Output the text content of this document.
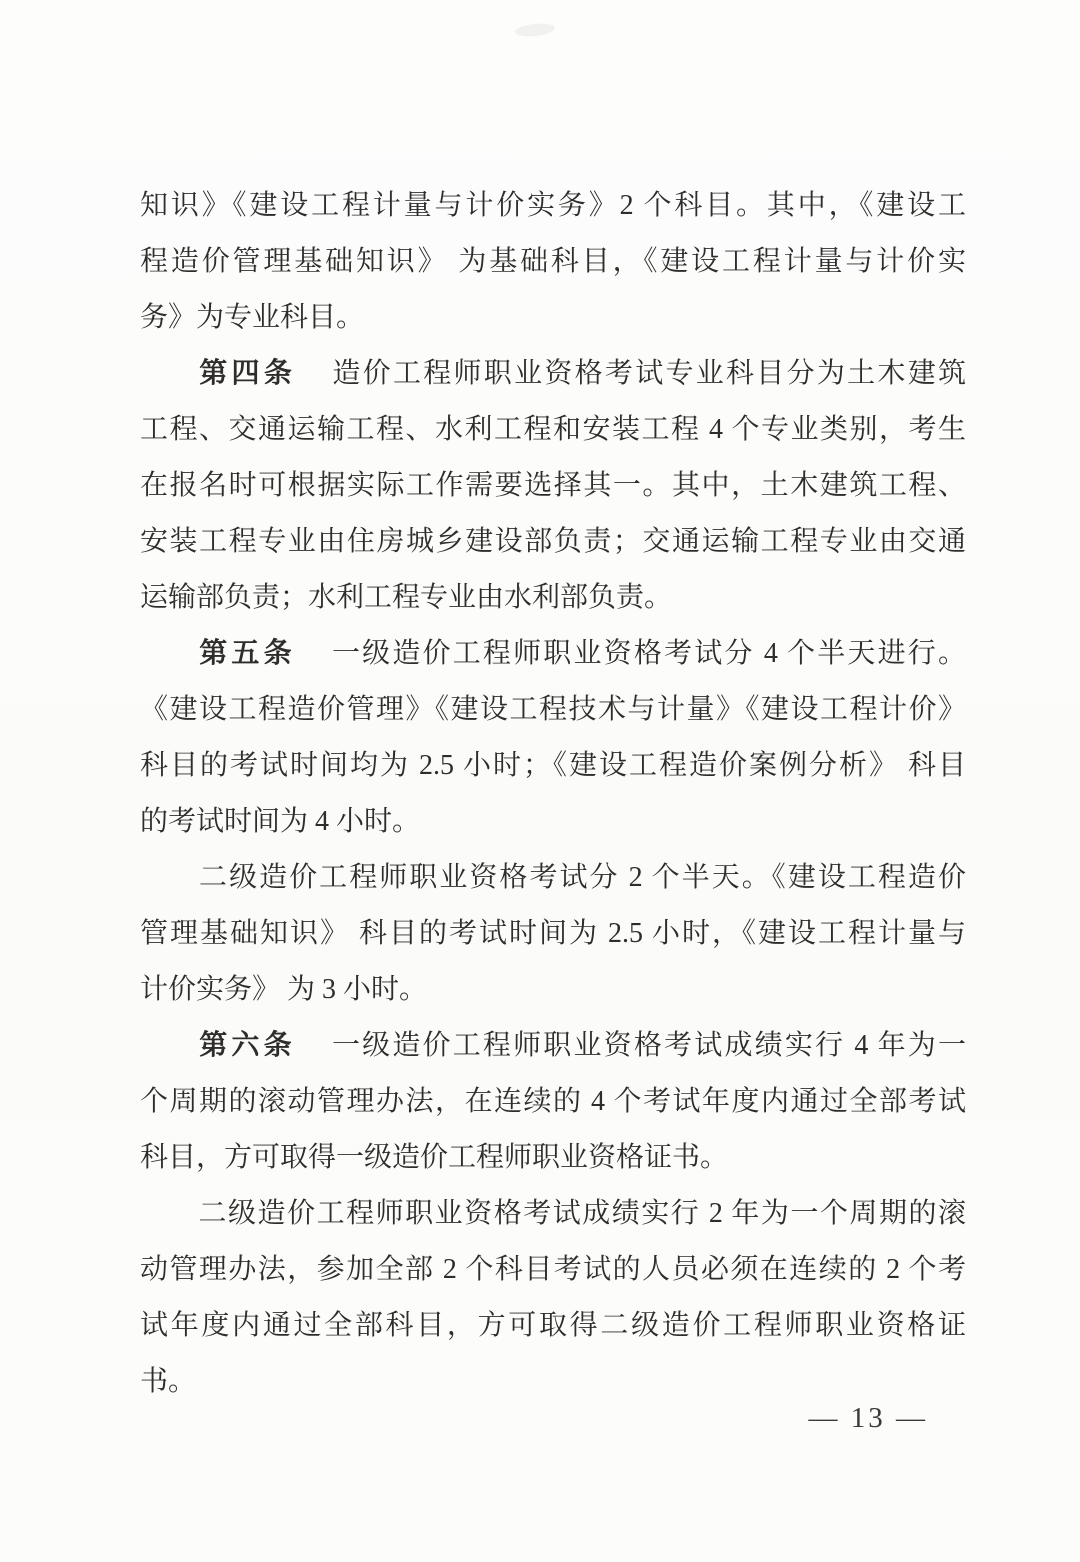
知识》《建设工程计量与计价实务》2 个科目。其中，《建设工
程造价管理基础知识》 为基础科目，《建设工程计量与计价实
务》为专业科目。
第四条 造价工程师职业资格考试专业科目分为土木建筑
工程、交通运输工程、水利工程和安装工程 4 个专业类别，考生
在报名时可根据实际工作需要选择其一。其中，土木建筑工程、
安装工程专业由住房城乡建设部负责；交通运输工程专业由交通
运输部负责；水利工程专业由水利部负责。
第五条 一级造价工程师职业资格考试分 4 个半天进行。
《建设工程造价管理》《建设工程技术与计量》《建设工程计价》
科目的考试时间均为 2.5 小时；《建设工程造价案例分析》 科目
的考试时间为 4 小时。
二级造价工程师职业资格考试分 2 个半天。《建设工程造价
管理基础知识》 科目的考试时间为 2.5 小时，《建设工程计量与
计价实务》 为 3 小时。
第六条 一级造价工程师职业资格考试成绩实行 4 年为一
个周期的滚动管理办法，在连续的 4 个考试年度内通过全部考试
科目，方可取得一级造价工程师职业资格证书。
二级造价工程师职业资格考试成绩实行 2 年为一个周期的滚
动管理办法，参加全部 2 个科目考试的人员必须在连续的 2 个考
试年度内通过全部科目，方可取得二级造价工程师职业资格证
书。
— 13 —
